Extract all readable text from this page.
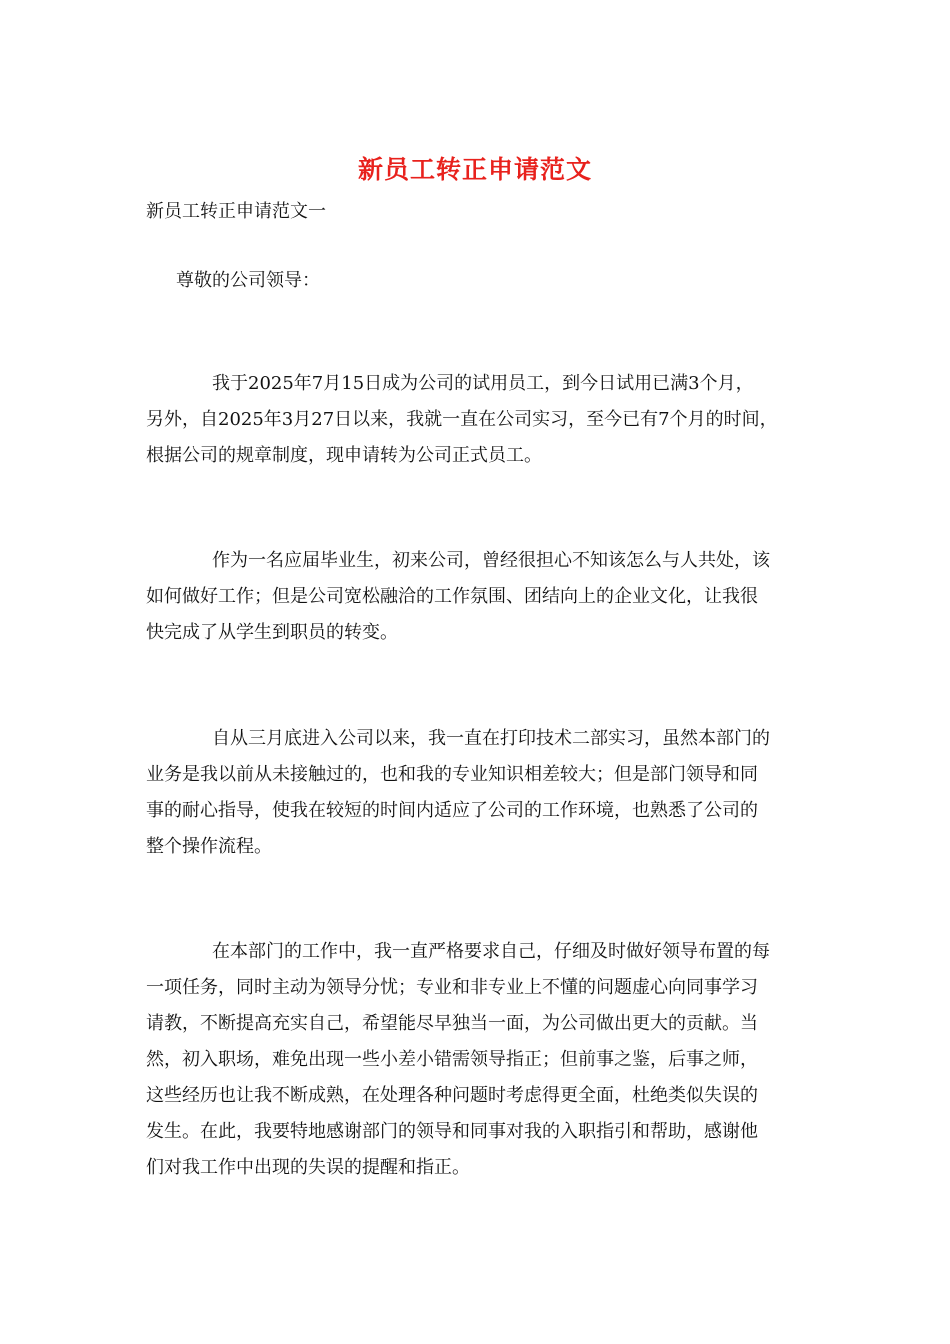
新员工转正申请范文
新员工转正申请范文一
尊敬的公司领导：
我于2025年7月15日成为公司的试用员工，到今日试用已满3个月，
另外，自2025年3月27日以来，我就一直在公司实习，至今已有7个月的时间，
根据公司的规章制度，现申请转为公司正式员工。
作为一名应届毕业生，初来公司，曾经很担心不知该怎么与人共处，该
如何做好工作；但是公司宽松融洽的工作氛围、团结向上的企业文化，让我很
快完成了从学生到职员的转变。
自从三月底进入公司以来，我一直在打印技术二部实习，虽然本部门的
业务是我以前从未接触过的，也和我的专业知识相差较大；但是部门领导和同
事的耐心指导，使我在较短的时间内适应了公司的工作环境，也熟悉了公司的
整个操作流程。
在本部门的工作中，我一直严格要求自己，仔细及时做好领导布置的每
一项任务，同时主动为领导分忧；专业和非专业上不懂的问题虚心向同事学习
请教，不断提高充实自己，希望能尽早独当一面，为公司做出更大的贡献。当
然，初入职场，难免出现一些小差小错需领导指正；但前事之鉴，后事之师，
这些经历也让我不断成熟，在处理各种问题时考虑得更全面，杜绝类似失误的
发生。在此，我要特地感谢部门的领导和同事对我的入职指引和帮助，感谢他
们对我工作中出现的失误的提醒和指正。
